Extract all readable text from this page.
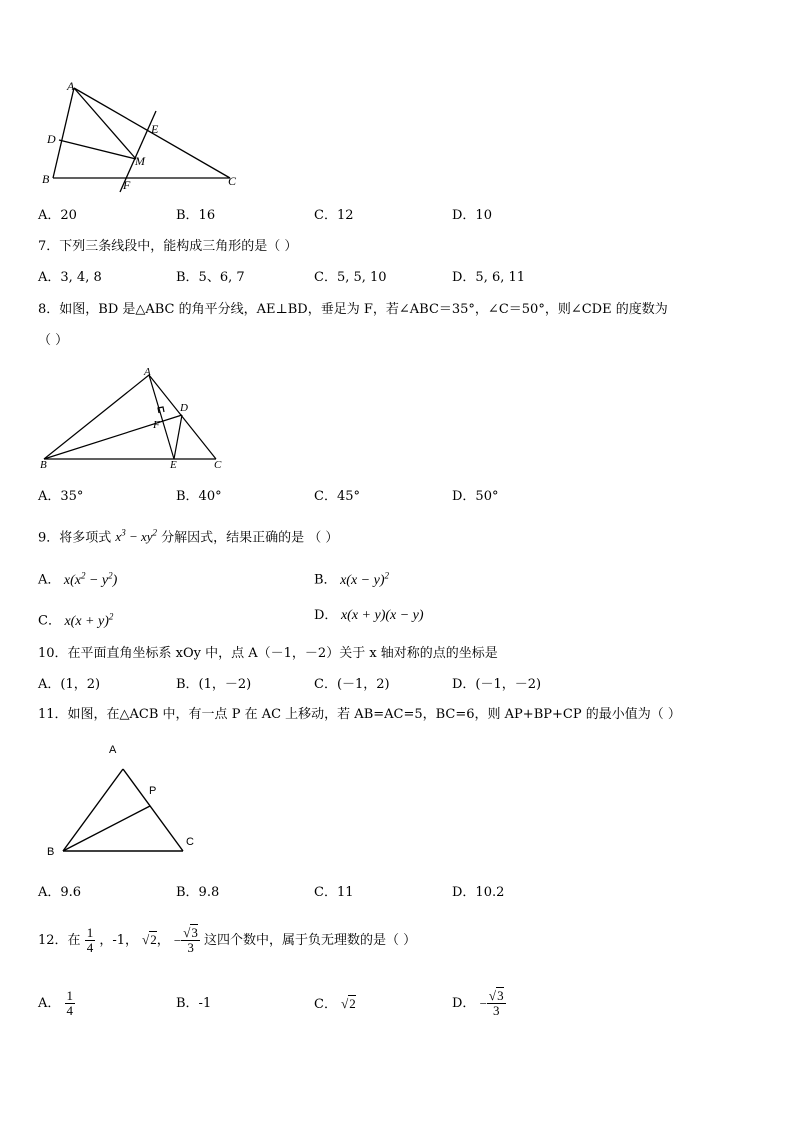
A
D
E
M
B	F	C
A．20	B．16	C．12	D．10
7．下列三条线段中，能构成三角形的是（ ）
A．3, 4, 8	B．5、6, 7	C．5, 5, 10	D．5, 6, 11
8．如图，BD 是△ABC 的角平分线，AE⊥BD，垂足为 F，若∠ABC＝35°，∠C＝50°，则∠CDE 的度数为
（ ）
A
D
F
B	E	C
A．35°	B．40°	C．45°	D．50°
9．将多项式 $x^3 - xy^2$ 分解因式，结果正确的是 （ ）
A． $x(x^2 - y^2)$	B． $x(x - y)^2$
C． $x(x + y)^2$	D． x(x + y)(x − y)
10．在平面直角坐标系 xOy 中，点 A（－1，－2）关于 x 轴对称的点的坐标是
A．(1，2)	B．(1，－2)	C．(－1，2)	D．(－1，－2)
11．如图，在△ACB 中，有一点 P 在 AC 上移动，若 AB=AC=5，BC=6，则 AP+BP+CP 的最小值为（ ）
A
P
B
C
A．9.6	B．9.8	C．11	D．10.2
12．在 $\frac{1}{4}$ ，-1， √2， − $\frac{√3}{3}$ 这四个数中，属于负无理数的是（ ）
A． $\frac{1}{4}$	B．-1	C． √2	D． − $\frac{√3}{3}$
